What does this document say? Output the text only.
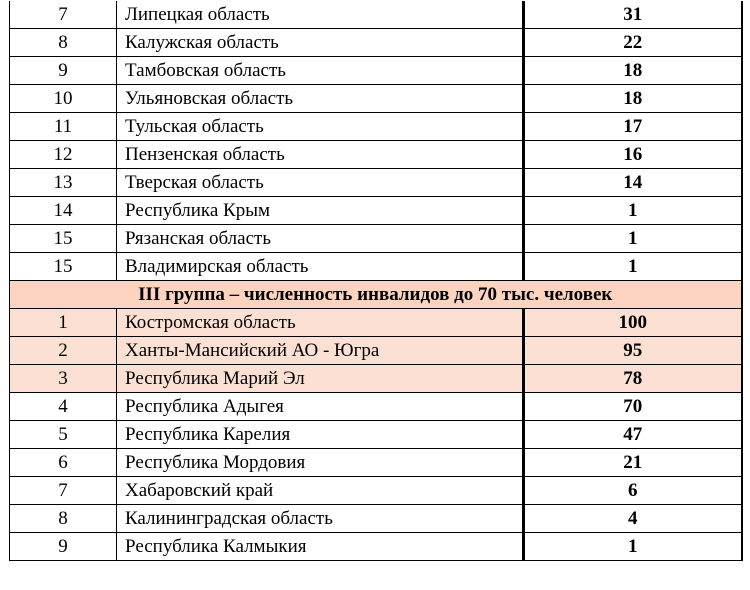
7	Липецкая область	31
8	Калужская область	22
9	Тамбовская область	18
10	Ульяновская область	18
11	Тульская область	17
12	Пензенская область	16
13	Тверская область	14
14	Республика Крым	1
15	Рязанская область	1
15	Владимирская область	1
III группа – численность инвалидов до 70 тыс. человек		
1	Костромская область	100
2	Ханты-Мансийский АО - Югра	95
3	Республика Марий Эл	78
4	Республика Адыгея	70
5	Республика Карелия	47
6	Республика Мордовия	21
7	Хабаровский край	6
8	Калининградская область	4
9	Республика Калмыкия	1
